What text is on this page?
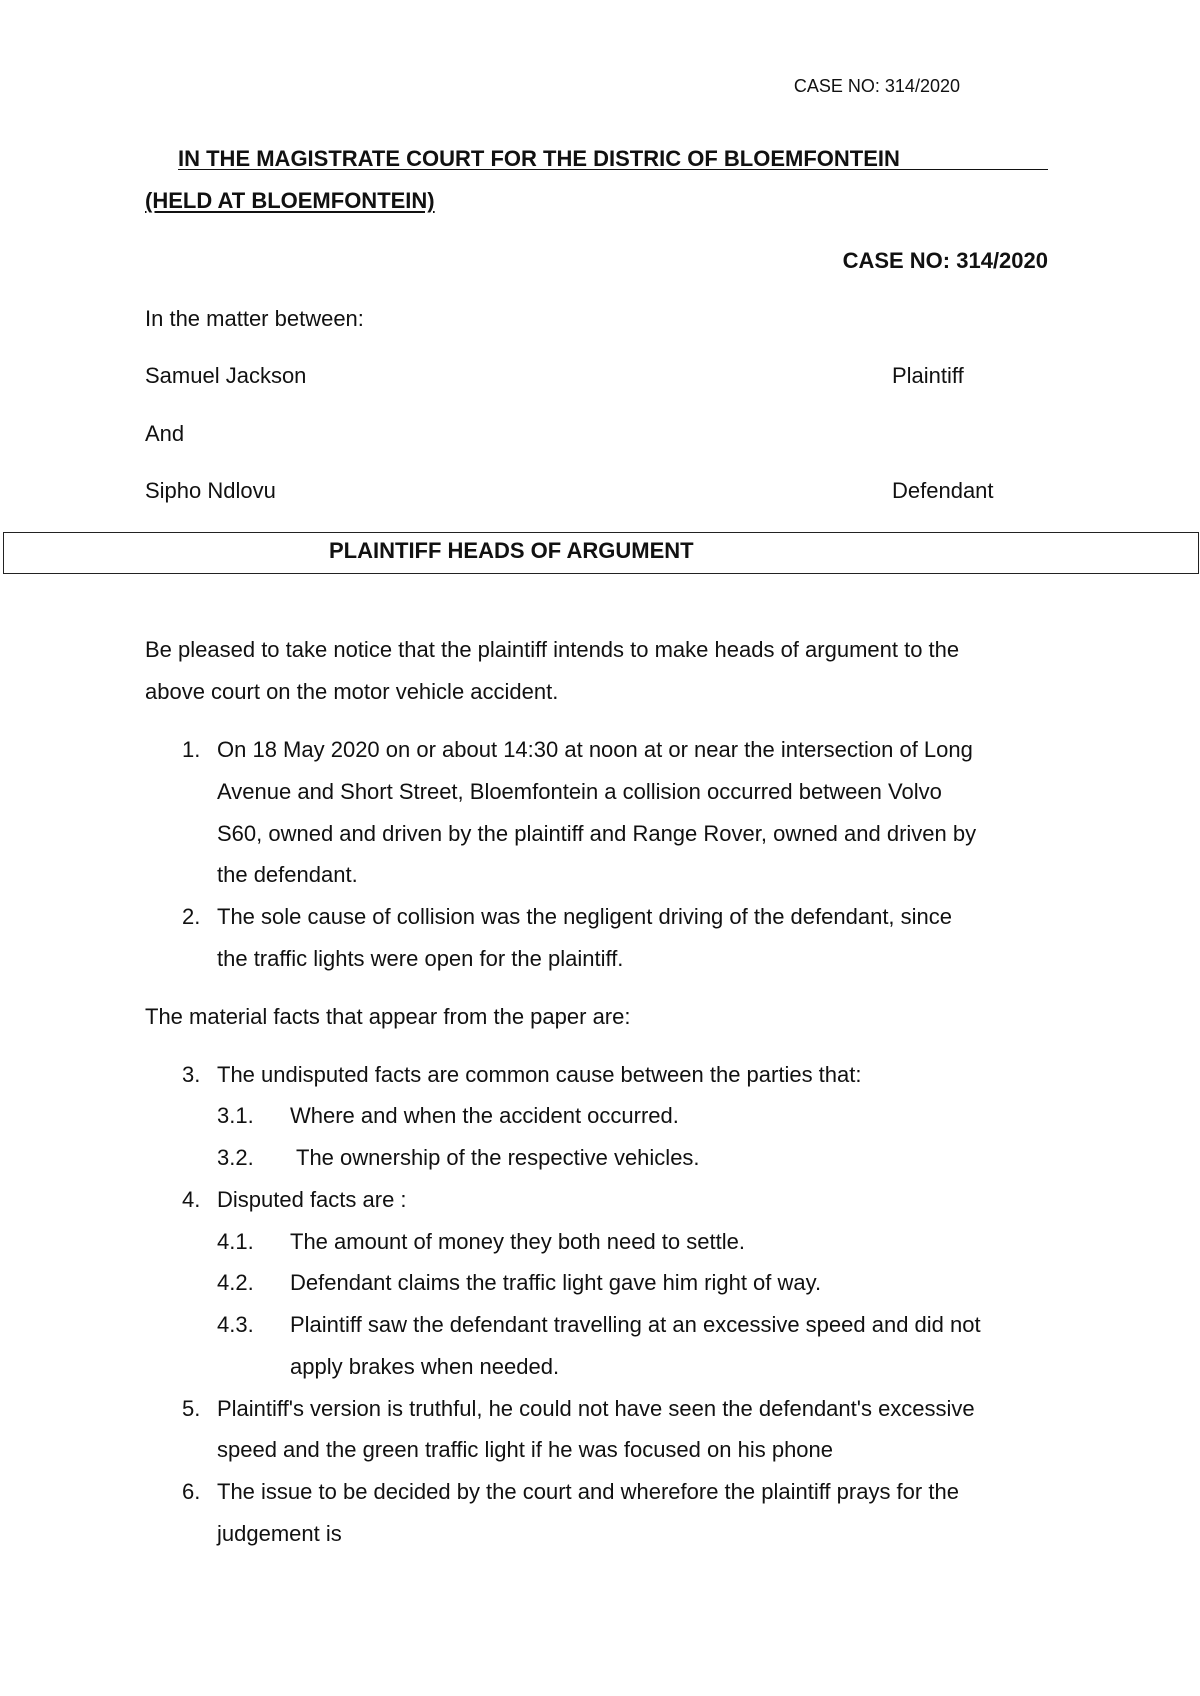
CASE NO: 314/2020
IN THE MAGISTRATE COURT FOR THE DISTRIC OF BLOEMFONTEIN
(HELD AT BLOEMFONTEIN)
CASE NO: 314/2020
In the matter between:
Samuel Jackson	Plaintiff
And
Sipho Ndlovu	Defendant
PLAINTIFF HEADS OF ARGUMENT
Be pleased to take notice that the plaintiff intends to make heads of argument to the
above court on the motor vehicle accident.
1. On 18 May 2020 on or about 14:30 at noon at or near the intersection of Long
Avenue and Short Street, Bloemfontein a collision occurred between Volvo
S60, owned and driven by the plaintiff and Range Rover, owned and driven by
the defendant.
2. The sole cause of collision was the negligent driving of the defendant, since
the traffic lights were open for the plaintiff.
The material facts that appear from the paper are:
3. The undisputed facts are common cause between the parties that:
3.1. Where and when the accident occurred.
3.2. The ownership of the respective vehicles.
4. Disputed facts are :
4.1. The amount of money they both need to settle.
4.2. Defendant claims the traffic light gave him right of way.
4.3. Plaintiff saw the defendant travelling at an excessive speed and did not
apply brakes when needed.
5. Plaintiff's version is truthful, he could not have seen the defendant's excessive
speed and the green traffic light if he was focused on his phone
6. The issue to be decided by the court and wherefore the plaintiff prays for the
judgement is
